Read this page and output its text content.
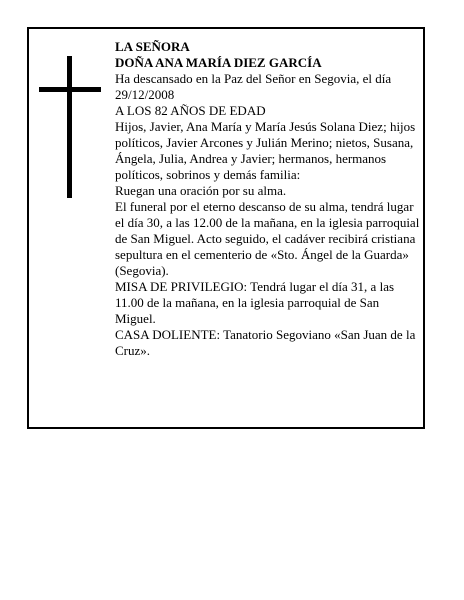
LA SEÑORA

DOÑA ANA MARÍA DIEZ GARCÍA

Ha descansado en la Paz del Señor en Segovia, el día 29/12/2008

A LOS 82 AÑOS DE EDAD

Hijos, Javier, Ana María y María Jesús Solana Diez; hijos políticos, Javier Arcones y Julián Merino; nietos, Susana, Ángela, Julia, Andrea y Javier; hermanos, hermanos políticos, sobrinos y demás familia:

Ruegan una oración por su alma.

El funeral por el eterno descanso de su alma, tendrá lugar el día 30, a las 12.00 de la mañana, en la iglesia parroquial de San Miguel. Acto seguido, el cadáver recibirá cristiana sepultura en el cementerio de «Sto. Ángel de la Guarda» (Segovia).

MISA DE PRIVILEGIO: Tendrá lugar el día 31, a las 11.00 de la mañana, en la iglesia parroquial de San Miguel.

CASA DOLIENTE: Tanatorio Segoviano «San Juan de la Cruz».
